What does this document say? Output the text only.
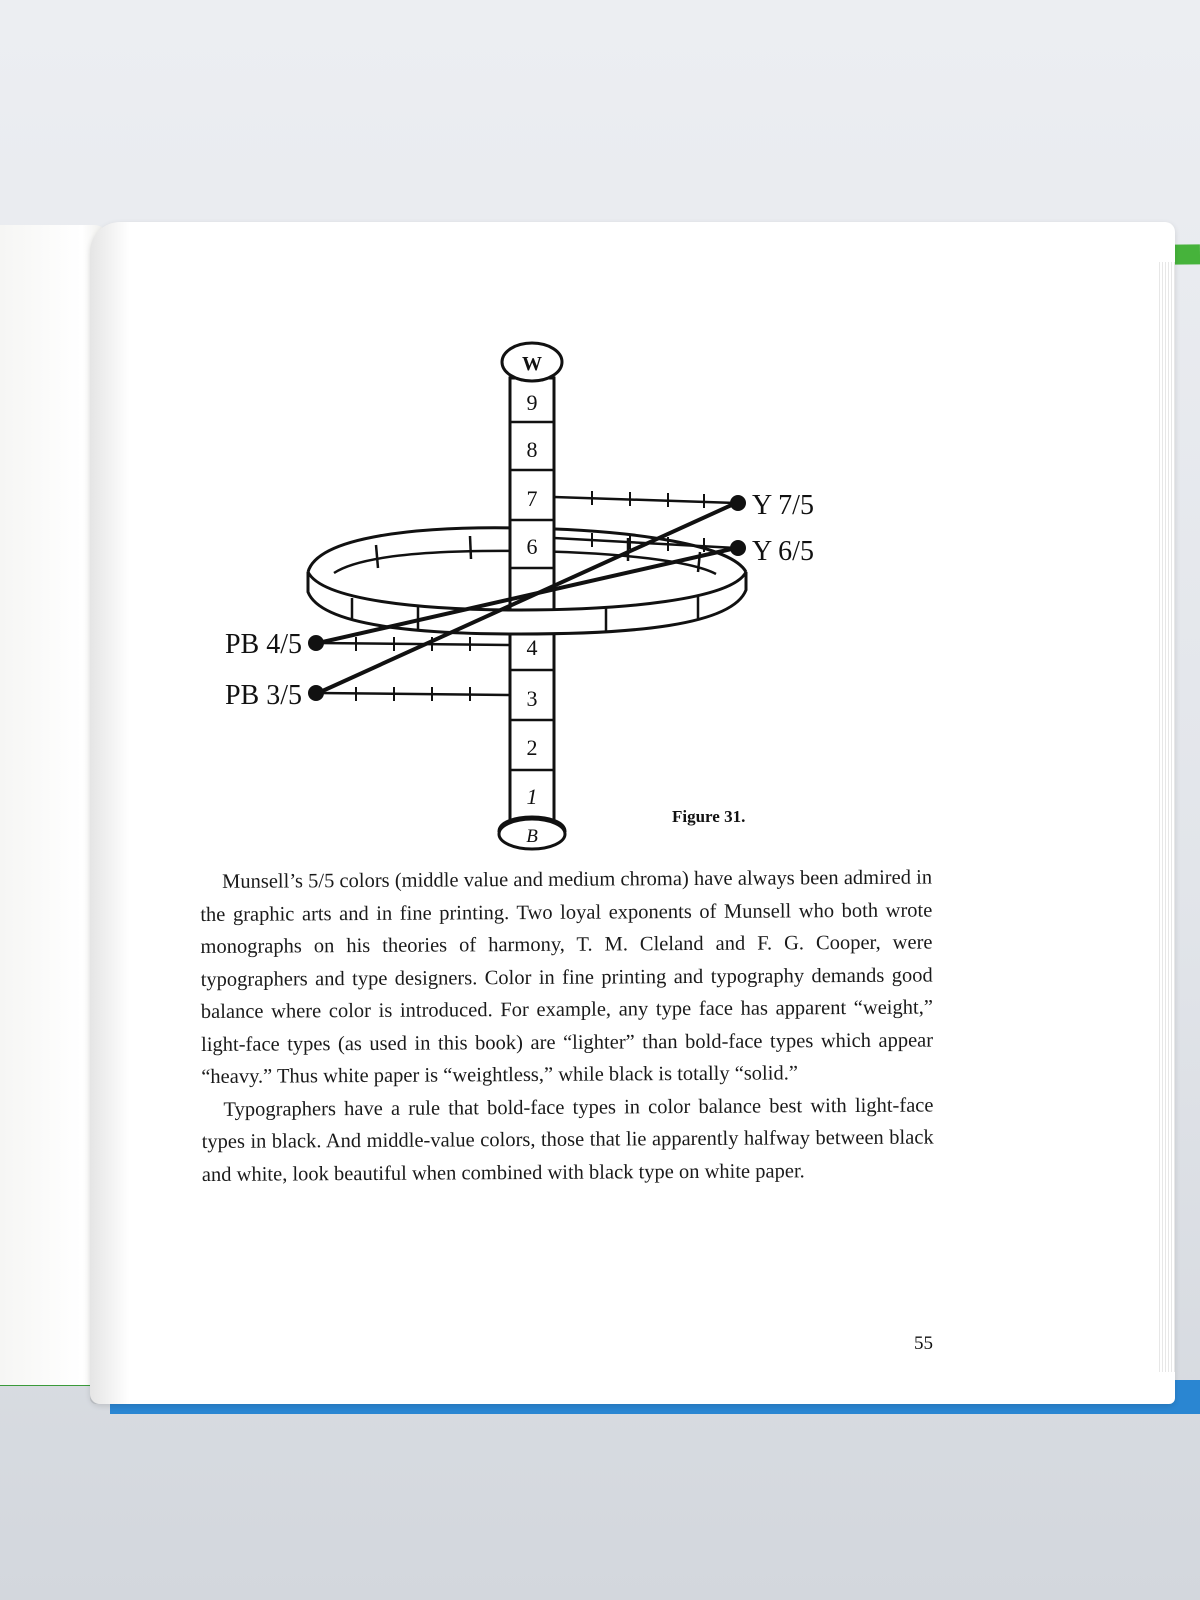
9
8
7
6
4
3
2
1
W
B
Y 7/5
Y 6/5
PB 4/5
PB 3/5
Figure 31.

Munsell’s 5/5 colors (middle value and medium chroma) have always been admired in the graphic arts and in fine printing. Two loyal exponents of Munsell who both wrote monographs on his theories of harmony, T. M. Cleland and F. G. Cooper, were typographers and type designers. Color in fine printing and typography demands good balance where color is introduced. For example, any type face has apparent “weight,” light-face types (as used in this book) are “lighter” than bold-face types which appear “heavy.” Thus white paper is “weightless,” while black is totally “solid.”

Typographers have a rule that bold-face types in color balance best with light-face types in black. And middle-value colors, those that lie apparently halfway between black and white, look beautiful when combined with black type on white paper.

55
